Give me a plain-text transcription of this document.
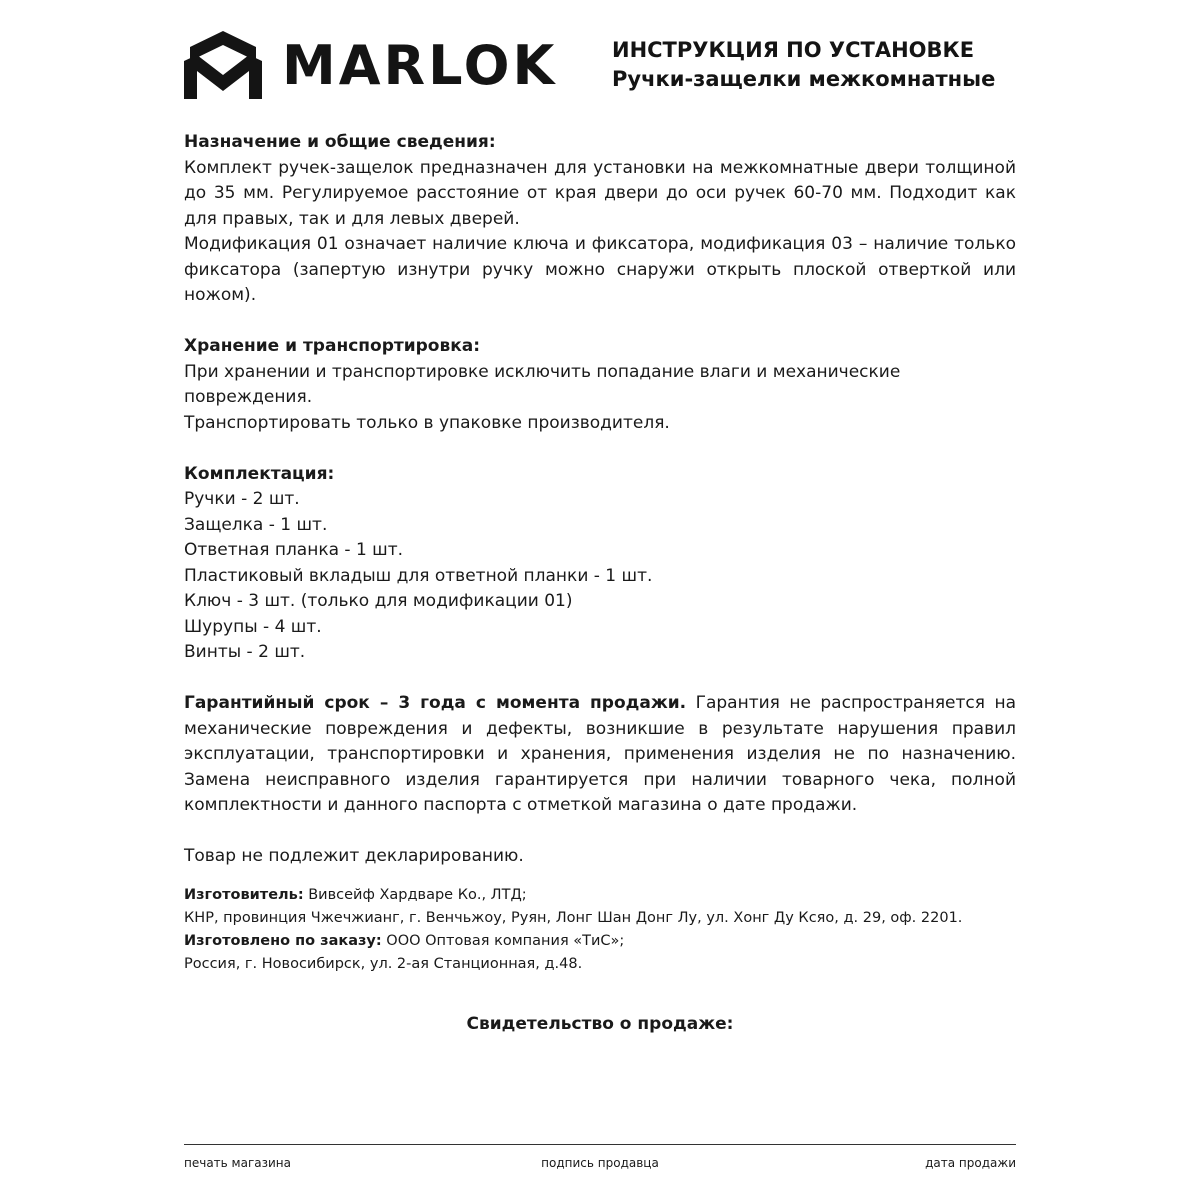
MARLOK	ИНСТРУКЦИЯ ПО УСТАНОВКЕ
Ручки-защелки межкомнатные

Назначение и общие сведения:

Комплект ручек-защелок предназначен для установки на межкомнатные двери толщиной до 35 мм. Регулируемое расстояние от края двери до оси ручек 60-70 мм. Подходит как для правых, так и для левых дверей.

Модификация 01 означает наличие ключа и фиксатора, модификация 03 – наличие только фиксатора (запертую изнутри ручку можно снаружи открыть плоской отверткой или ножом).

Хранение и транспортировка:

При хранении и транспортировке исключить попадание влаги и механические повреждения.

Транспортировать только в упаковке производителя.

Комплектация:

Ручки - 2 шт.
Защелка - 1 шт.
Ответная планка - 1 шт.
Пластиковый вкладыш для ответной планки - 1 шт.
Ключ - 3 шт. (только для модификации 01)
Шурупы - 4 шт.
Винты - 2 шт.

Гарантийный срок – 3 года с момента продажи. Гарантия не распространяется на механические повреждения и дефекты, возникшие в результате нарушения правил эксплуатации, транспортировки и хранения, применения изделия не по назначению. Замена неисправного изделия гарантируется при наличии товарного чека, полной комплектности и данного паспорта с отметкой магазина о дате продажи.

Товар не подлежит декларированию.

Изготовитель: Вивсейф Хардваре Ко., ЛТД;

КНР, провинция Чжечжианг, г. Венчьжоу, Руян, Лонг Шан Донг Лу, ул. Хонг Ду Ксяо, д. 29, оф. 2201.

Изготовлено по заказу: ООО Оптовая компания «ТиС»;

Россия, г. Новосибирск, ул. 2-ая Станционная, д.48.

Свидетельство о продаже:
печать магазина	подпись продавца	дата продажи
